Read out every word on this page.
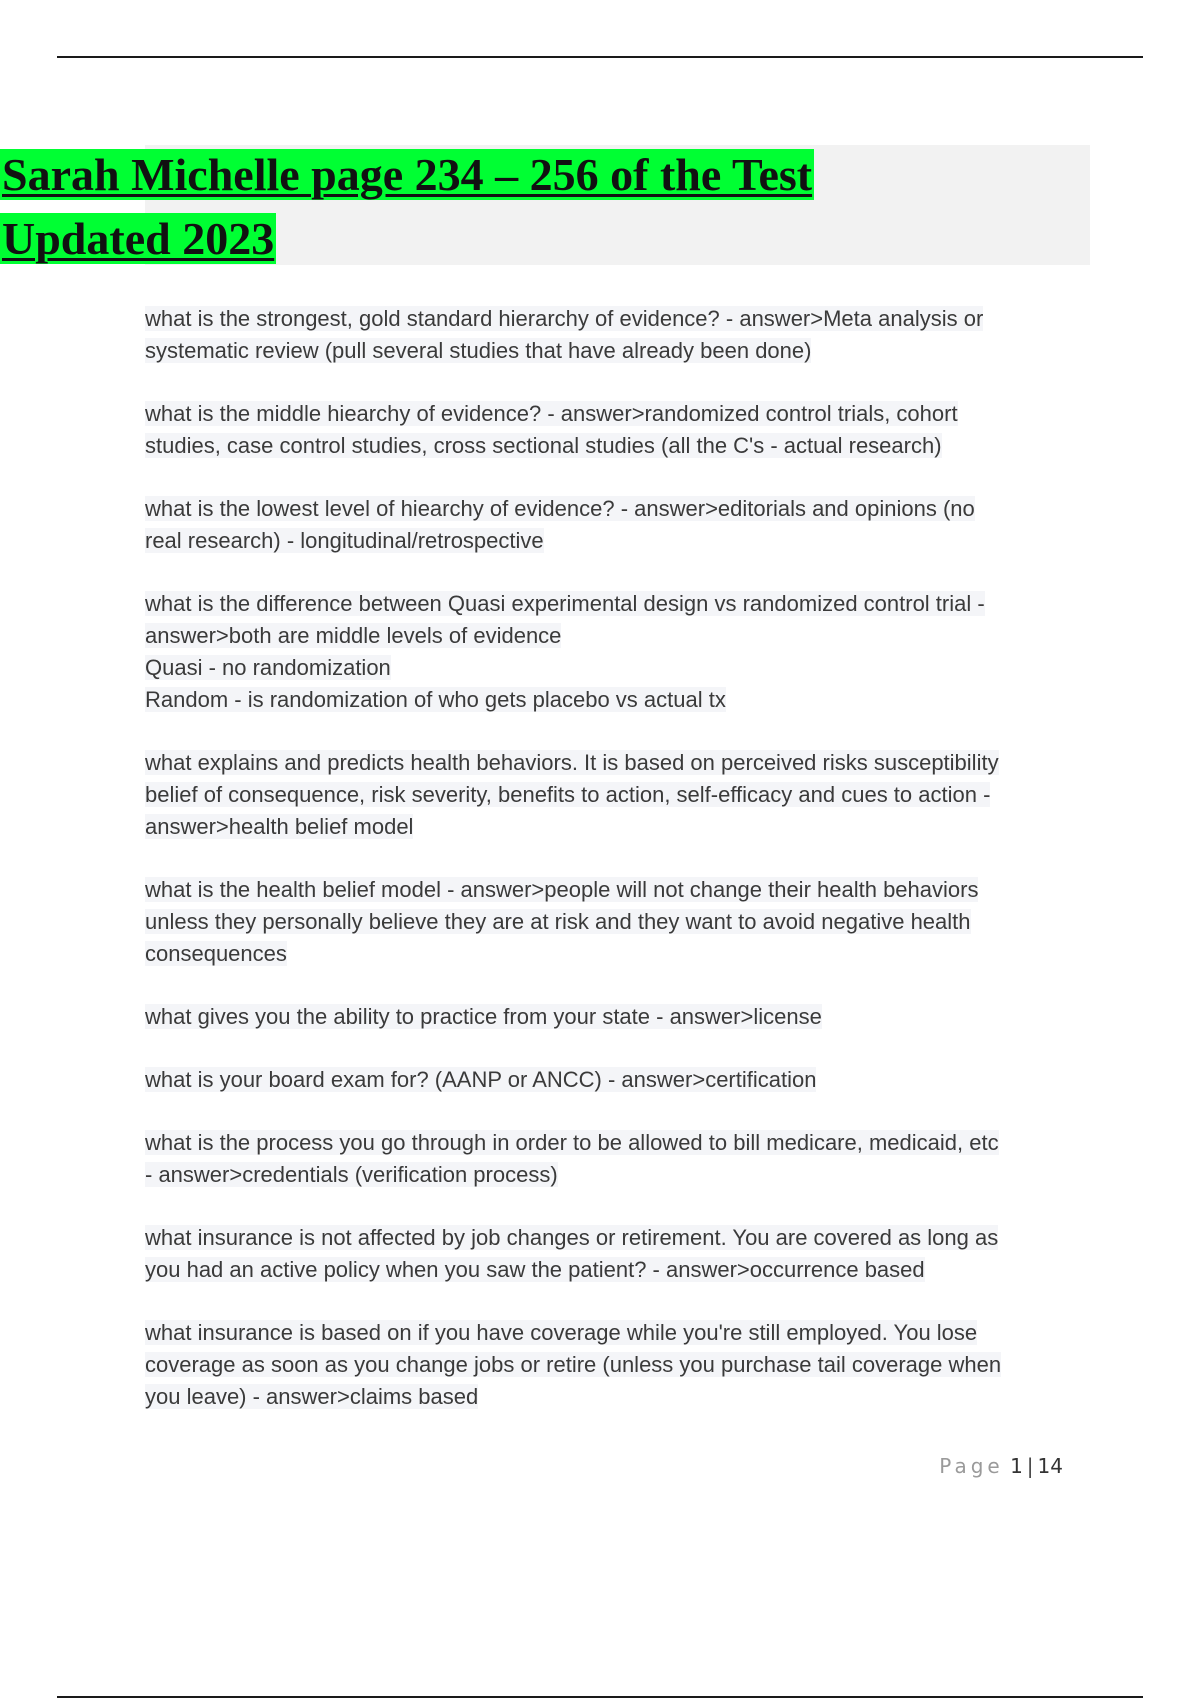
Sarah Michelle page 234 – 256 of the Test
Updated 2023
what is the strongest, gold standard hierarchy of evidence? - answer>Meta analysis or
systematic review (pull several studies that have already been done)
what is the middle hiearchy of evidence? - answer>randomized control trials, cohort
studies, case control studies, cross sectional studies (all the C's - actual research)
what is the lowest level of hiearchy of evidence? - answer>editorials and opinions (no
real research) - longitudinal/retrospective
what is the difference between Quasi experimental design vs randomized control trial -
answer>both are middle levels of evidence
Quasi - no randomization
Random - is randomization of who gets placebo vs actual tx
what explains and predicts health behaviors. It is based on perceived risks susceptibility
belief of consequence, risk severity, benefits to action, self-efficacy and cues to action -
answer>health belief model
what is the health belief model - answer>people will not change their health behaviors
unless they personally believe they are at risk and they want to avoid negative health
consequences
what gives you the ability to practice from your state - answer>license
what is your board exam for? (AANP or ANCC) - answer>certification
what is the process you go through in order to be allowed to bill medicare, medicaid, etc
- answer>credentials (verification process)
what insurance is not affected by job changes or retirement. You are covered as long as
you had an active policy when you saw the patient? - answer>occurrence based
what insurance is based on if you have coverage while you're still employed. You lose
coverage as soon as you change jobs or retire (unless you purchase tail coverage when
you leave) - answer>claims based
Page 1 | 14
